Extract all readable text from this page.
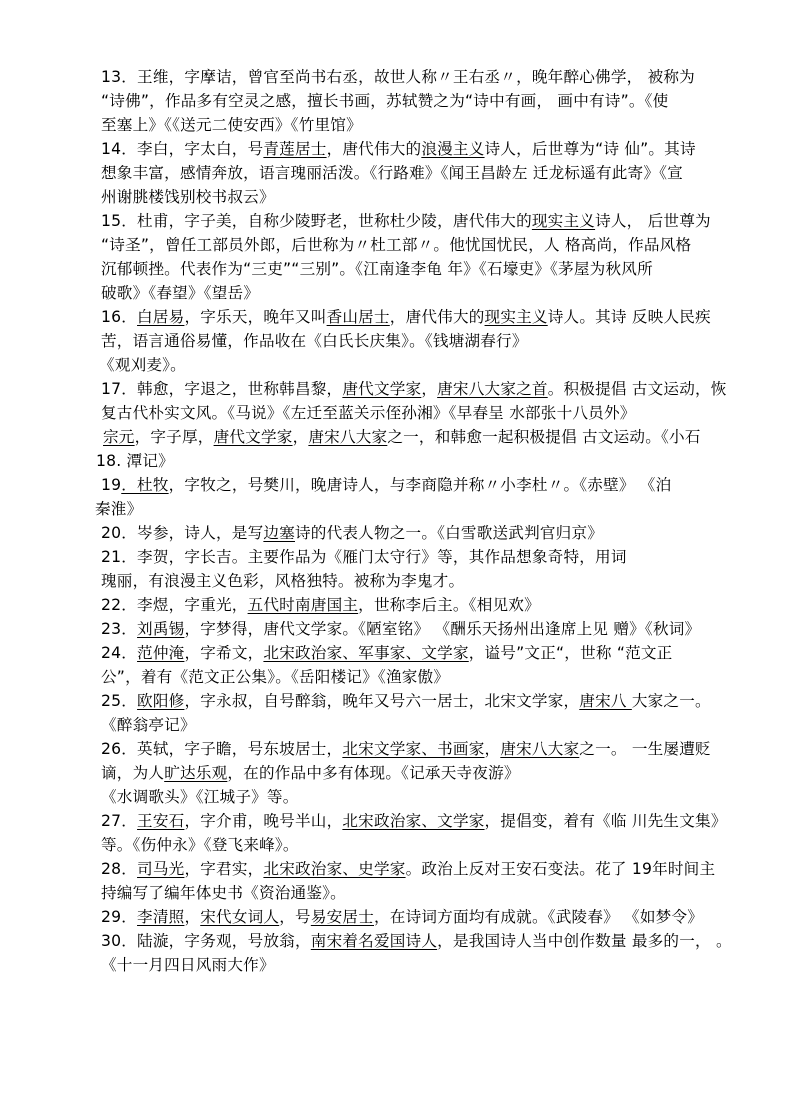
13．王维，字摩诘，曾官至尚书右丞，故世人称〃王右丞〃，晚年醉心佛学， 被称为
“诗佛”，作品多有空灵之感，擅长书画，苏轼赞之为“诗中有画， 画中有诗”。《使
至塞上》《《送元二使安西》《竹里馆》
14．李白，字太白，号青莲居士，唐代伟大的浪漫主义诗人，后世尊为“诗 仙”。其诗
想象丰富，感情奔放，语言瑰丽活泼。《行路难》《闻王昌龄左 迁龙标遥有此寄》《宣
州谢朓楼饯别校书叔云》
15．杜甫，字子美，自称少陵野老，世称杜少陵，唐代伟大的现实主义诗人， 后世尊为
“诗圣”，曾任工部员外郎，后世称为〃杜工部〃。他忧国忧民，人 格高尚，作品风格
沉郁顿挫。代表作为“三吏”“三别”。《江南逢李龟 年》《石壕吏》《茅屋为秋风所
破歌》《春望》《望岳》
16．白居易，字乐天，晚年又叫香山居士，唐代伟大的现实主义诗人。其诗 反映人民疾
苦，语言通俗易懂，作品收在《白氏长庆集》。《钱塘湖春行》
《观刈麦》。
17．韩愈，字退之，世称韩昌黎，唐代文学家，唐宋八大家之首。积极提倡 古文运动，恢
复古代朴实文风。《马说》《左迁至蓝关示侄孙湘》《早春呈 水部张十八员外》
宗元，字子厚，唐代文学家，唐宋八大家之一，和韩愈一起积极提倡 古文运动。《小石
18. 潭记》
19．杜牧，字牧之，号樊川，晚唐诗人，与李商隐并称〃小李杜〃。《赤壁》 《泊
秦淮》
20．岑参，诗人，是写边塞诗的代表人物之一。《白雪歌送武判官归京》
21．李贺，字长吉。主要作品为《雁门太守行》等，其作品想象奇特，用词
瑰丽，有浪漫主义色彩，风格独特。被称为李鬼才。
22．李煜，字重光，五代时南唐国主，世称李后主。《相见欢》
23．刘禹锡，字梦得，唐代文学家。《陋室铭》 《酬乐天扬州出逢席上见 赠》《秋词》
24．范仲淹，字希文，北宋政治家、军事家、文学家，谥号”文正“，世称 “范文正
公”，着有《范文正公集》。《岳阳楼记》《渔家傲》
25．欧阳修，字永叔，自号醉翁，晚年又号六一居士，北宋文学家，唐宋八 大家之一。
《醉翁亭记》
26．英轼，字子瞻，号东坡居士，北宋文学家、书画家，唐宋八大家之一。 一生屡遭贬
谪，为人旷达乐观，在的作品中多有体现。《记承天寺夜游》
《水调歌头》《江城子》等。
27．王安石，字介甫，晚号半山，北宋政治家、文学家，提倡变，着有《临 川先生文集》
等。《伤仲永》《登飞来峰》。
28．司马光，字君实，北宋政治家、史学家。政治上反对王安石变法。花了 19年时间主
持编写了编年体史书《资治通鉴》。
29．李清照，宋代女词人，号易安居士，在诗词方面均有成就。《武陵春》 《如梦令》
30．陆漩，字务观，号放翁，南宋着名爱国诗人，是我国诗人当中创作数量 最多的一， 。
《十一月四日风雨大作》
